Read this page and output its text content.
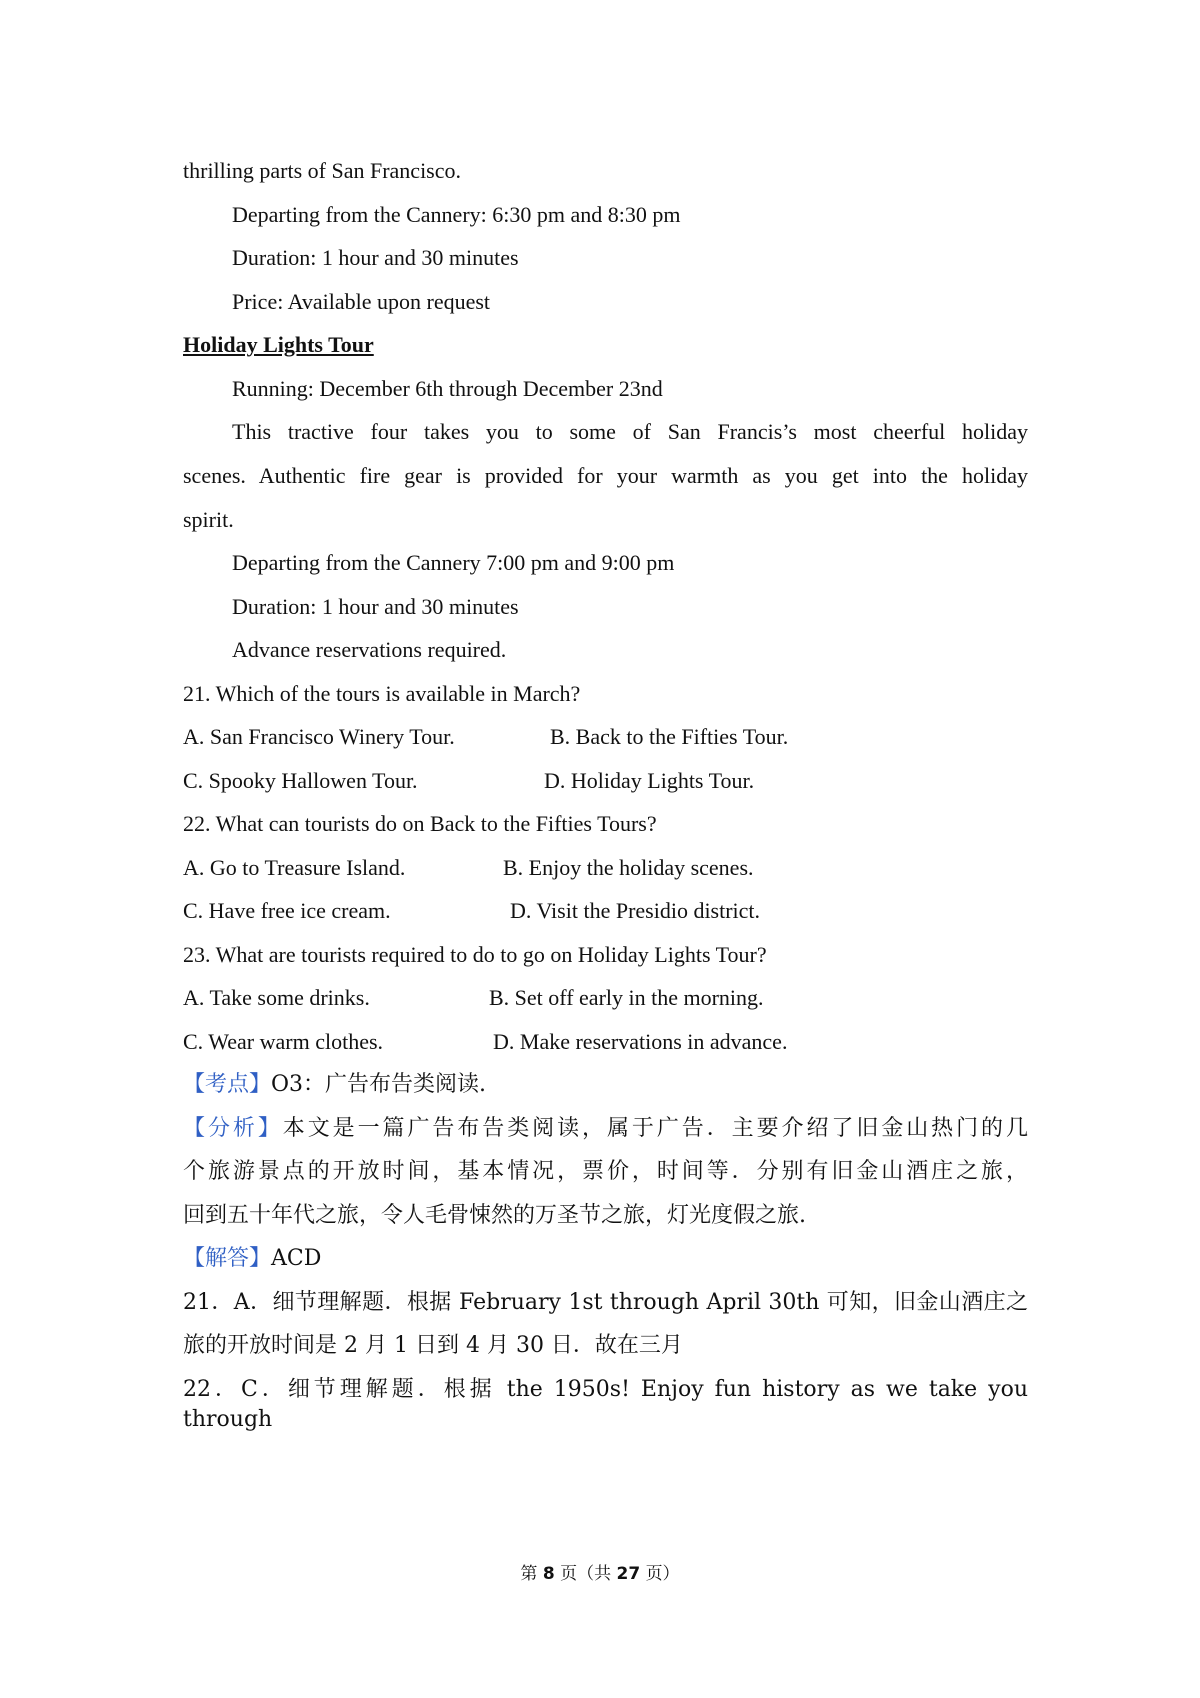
thrilling parts of San Francisco.
Departing from the Cannery: 6:30 pm and 8:30 pm
Duration: 1 hour and 30 minutes
Price: Available upon request
Holiday Lights Tour
Running: December 6th through December 23nd
This tractive four takes you to some of San Francis’s most cheerful holiday
scenes. Authentic fire gear is provided for your warmth as you get into the holiday
spirit.
Departing from the Cannery 7:00 pm and 9:00 pm
Duration: 1 hour and 30 minutes
Advance reservations required.
21. Which of the tours is available in March?
A. San Francisco Winery Tour.	B. Back to the Fifties Tour.
C. Spooky Hallowen Tour.	D. Holiday Lights Tour.
22. What can tourists do on Back to the Fifties Tours?
A. Go to Treasure Island.	B. Enjoy the holiday scenes.
C. Have free ice cream.	D. Visit the Presidio district.
23. What are tourists required to do to go on Holiday Lights Tour?
A. Take some drinks.	B. Set off early in the morning.
C. Wear warm clothes.	D. Make reservations in advance.
【考点】O3：广告布告类阅读.
【分析】本文是一篇广告布告类阅读，属于广告．主要介绍了旧金山热门的几
个旅游景点的开放时间，基本情况，票价，时间等．分别有旧金山酒庄之旅，
回到五十年代之旅，令人毛骨悚然的万圣节之旅，灯光度假之旅.
【解答】ACD
21．A．细节理解题．根据 February 1st through April 30th 可知，旧金山酒庄之
旅的开放时间是 2 月 1 日到 4 月 30 日．故在三月
22．C．细节理解题．根据 the 1950s! Enjoy fun history as we take you through
第 8 页（共 27 页）
